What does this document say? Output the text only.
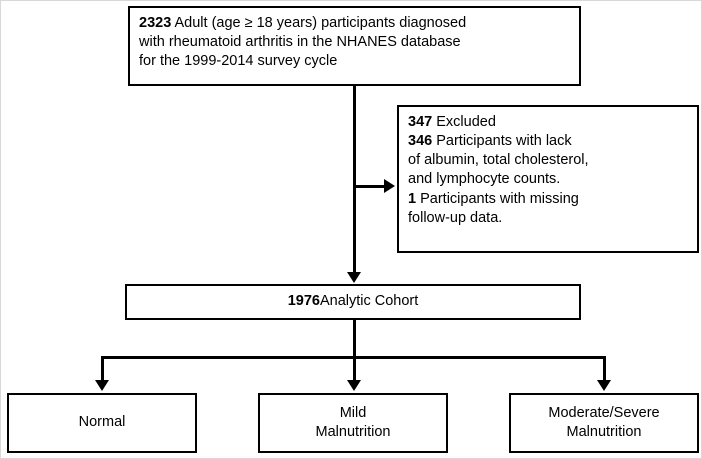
2323 Adult (age ≥ 18 years) participants diagnosed
with rheumatoid arthritis in the NHANES database
for the 1999-2014 survey cycle
347 Excluded
346 Participants with lack
of albumin, total cholesterol,
and lymphocyte counts.
1 Participants with missing
follow-up data.
1976 Analytic Cohort
Normal
Mild
Malnutrition
Moderate/Severe
Malnutrition
